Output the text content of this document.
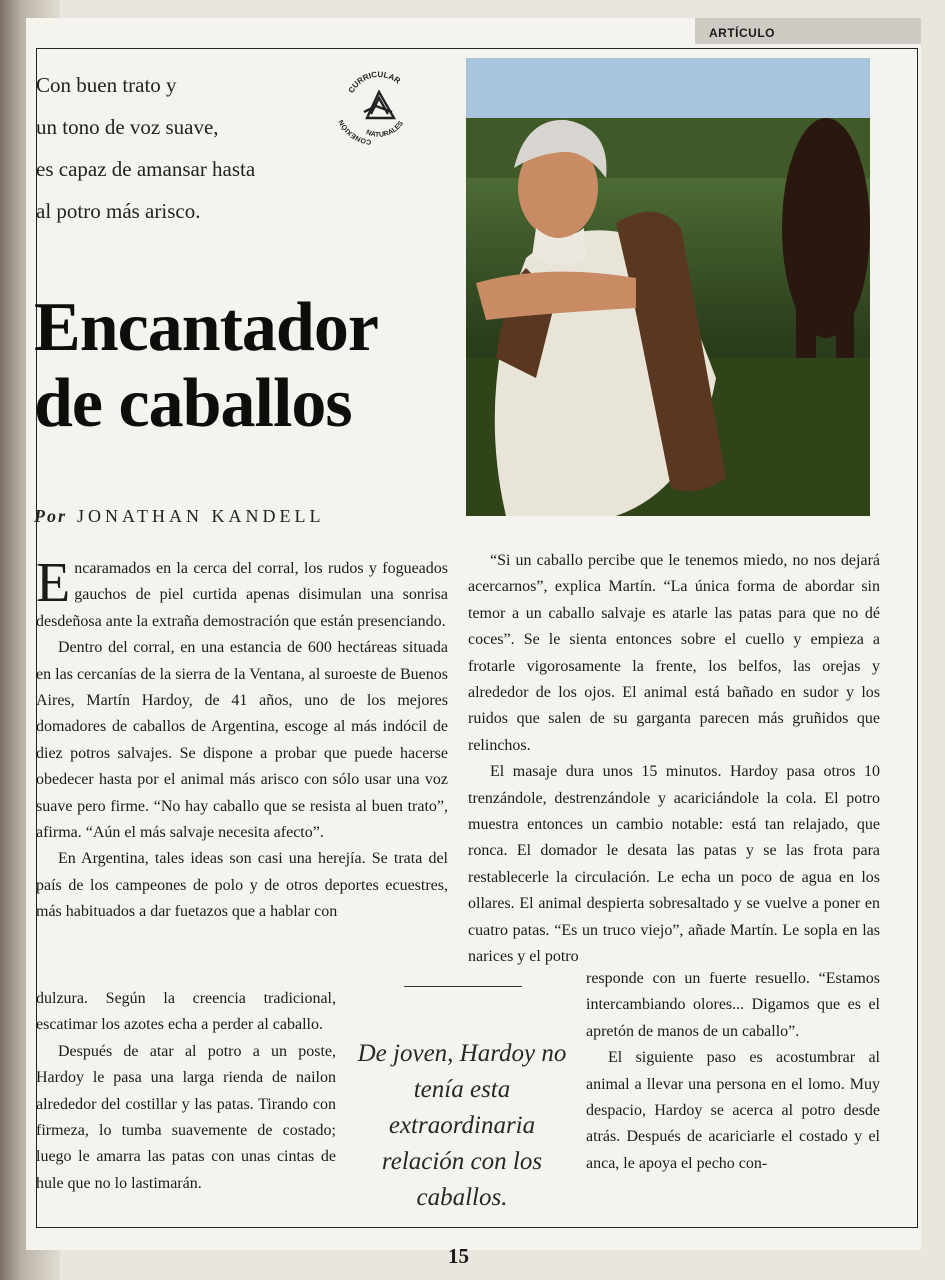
ARTÍCULO
Con buen trato y
un tono de voz suave,
es capaz de amansar hasta
al potro más arisco.
CURRICULAR
CONEXIÓN
NATURALES
Encantador
de caballos
Por JONATHAN KANDELL

Encaramados en la cerca del corral, los rudos y fogueados gauchos de piel curtida apenas disimulan una sonrisa desdeñosa ante la extraña demostración que están presenciando.

Dentro del corral, en una estancia de 600 hectáreas situada en las cercanías de la sierra de la Ventana, al suroeste de Buenos Aires, Martín Hardoy, de 41 años, uno de los mejores domadores de caballos de Argentina, escoge al más indócil de diez potros salvajes. Se dispone a probar que puede hacerse obedecer hasta por el animal más arisco con sólo usar una voz suave pero firme. “No hay caballo que se resista al buen trato”, afirma. “Aún el más salvaje necesita afecto”.

En Argentina, tales ideas son casi una herejía. Se trata del país de los campeones de polo y de otros deportes ecuestres, más habituados a dar fuetazos que a hablar con

dulzura. Según la creencia tradicional, escatimar los azotes echa a perder al caballo.

Después de atar al potro a un poste, Hardoy le pasa una larga rienda de nailon alrededor del costillar y las patas. Tirando con firmeza, lo tumba suavemente de costado; luego le amarra las patas con unas cintas de hule que no lo lastimarán.

De joven, Hardoy no tenía esta extraordinaria relación con los caballos.

“Si un caballo percibe que le tenemos miedo, no nos dejará acercarnos”, explica Martín. “La única forma de abordar sin temor a un caballo salvaje es atarle las patas para que no dé coces”. Se le sienta entonces sobre el cuello y empieza a frotarle vigorosamente la frente, los belfos, las orejas y alrededor de los ojos. El animal está bañado en sudor y los ruidos que salen de su garganta parecen más gruñidos que relinchos.

El masaje dura unos 15 minutos. Hardoy pasa otros 10 trenzándole, destrenzándole y acariciándole la cola. El potro muestra entonces un cambio notable: está tan relajado, que ronca. El domador le desata las patas y se las frota para restablecerle la circulación. Le echa un poco de agua en los ollares. El animal despierta sobresaltado y se vuelve a poner en cuatro patas. “Es un truco viejo”, añade Martín. Le sopla en las narices y el potro

responde con un fuerte resuello. “Estamos intercambiando olores... Digamos que es el apretón de manos de un caballo”.

El siguiente paso es acostumbrar al animal a llevar una persona en el lomo. Muy despacio, Hardoy se acerca al potro desde atrás. Después de acariciarle el costado y el anca, le apoya el pecho con-

15
